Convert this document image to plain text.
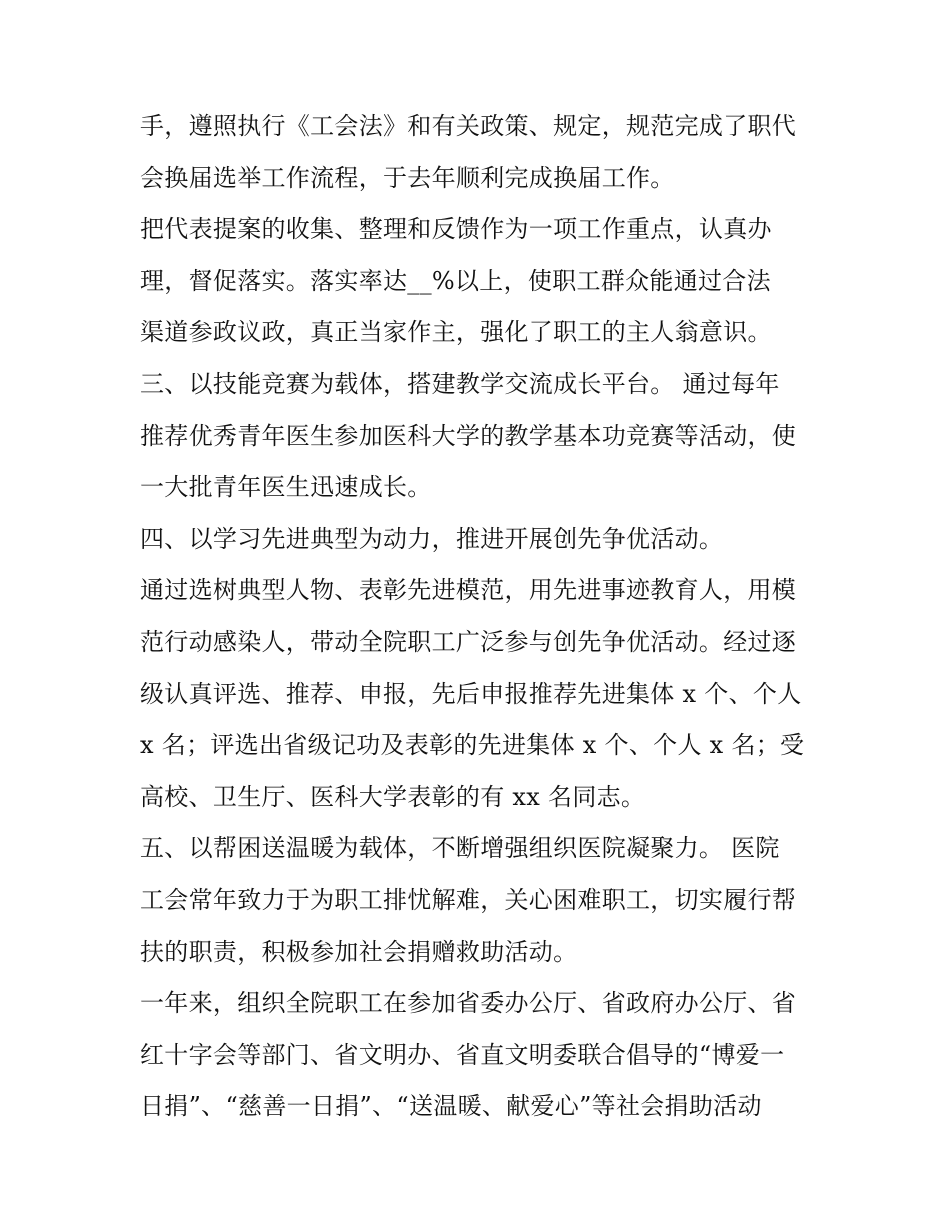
手，遵照执行《工会法》和有关政策、规定，规范完成了职代
会换届选举工作流程，于去年顺利完成换届工作。
把代表提案的收集、整理和反馈作为一项工作重点，认真办
理，督促落实。落实率达__%以上，使职工群众能通过合法
渠道参政议政，真正当家作主，强化了职工的主人翁意识。
三、以技能竞赛为载体，搭建教学交流成长平台。 通过每年
推荐优秀青年医生参加医科大学的教学基本功竞赛等活动，使
一大批青年医生迅速成长。
四、以学习先进典型为动力，推进开展创先争优活动。
通过选树典型人物、表彰先进模范，用先进事迹教育人，用模
范行动感染人，带动全院职工广泛参与创先争优活动。经过逐
级认真评选、推荐、申报，先后申报推荐先进集体 x 个、个人
x 名；评选出省级记功及表彰的先进集体 x 个、个人 x 名；受
高校、卫生厅、医科大学表彰的有 xx 名同志。
五、以帮困送温暖为载体，不断增强组织医院凝聚力。 医院
工会常年致力于为职工排忧解难，关心困难职工，切实履行帮
扶的职责，积极参加社会捐赠救助活动。
一年来，组织全院职工在参加省委办公厅、省政府办公厅、省
红十字会等部门、省文明办、省直文明委联合倡导的“博爱一
日捐”、“慈善一日捐”、“送温暖、献爱心”等社会捐助活动
